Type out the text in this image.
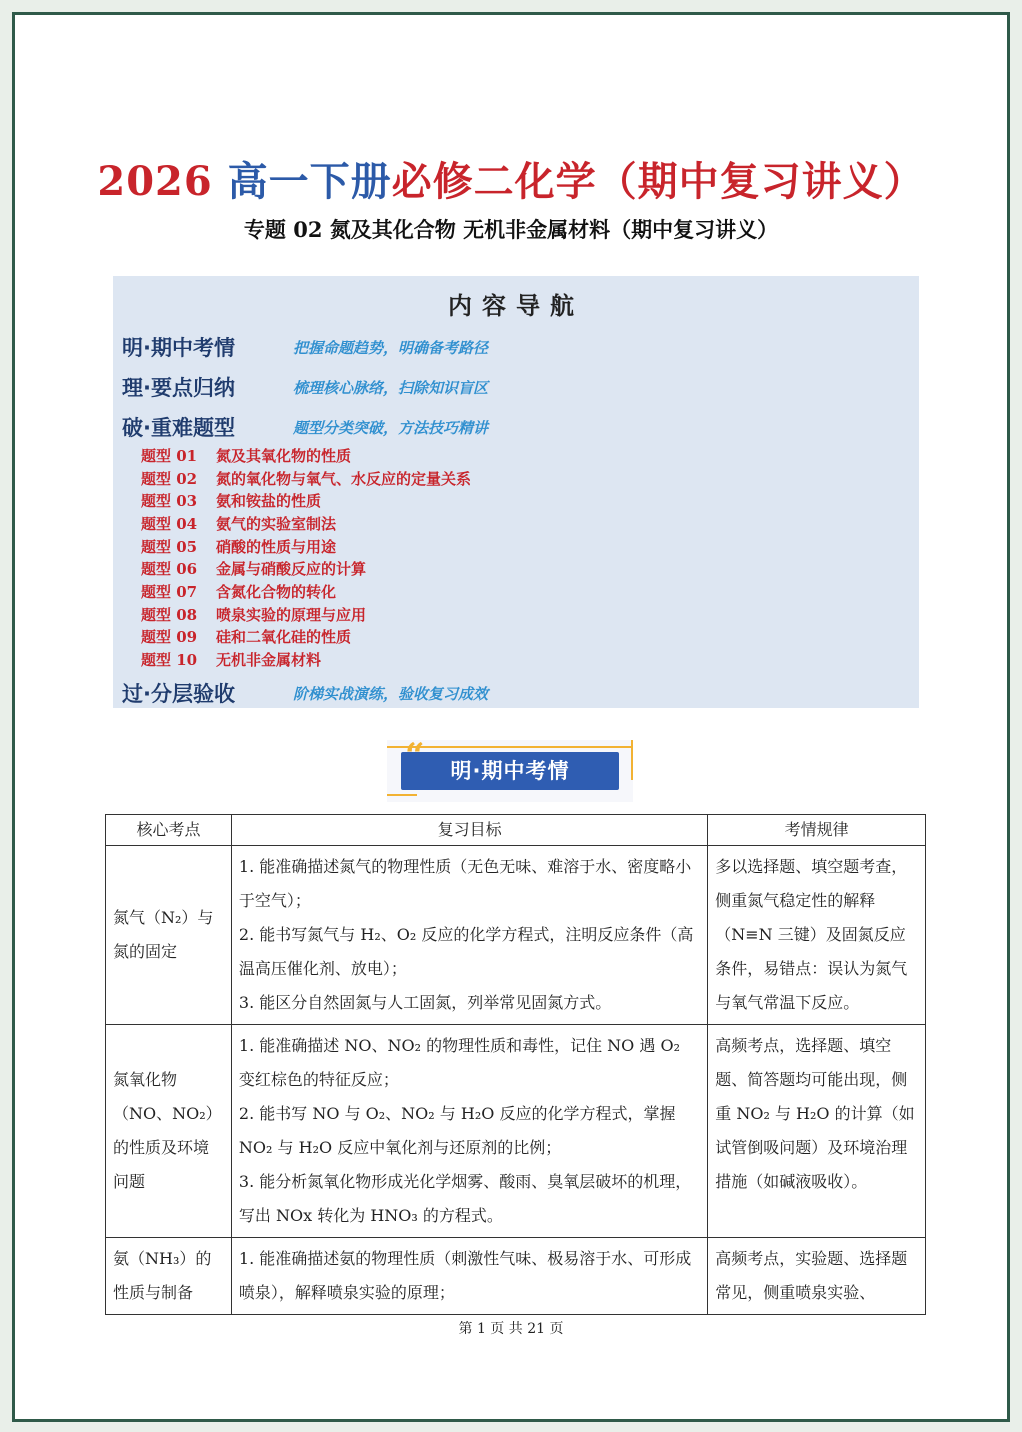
2026 高一下册必修二化学（期中复习讲义）
专题 02 氮及其化合物 无机非金属材料（期中复习讲义）
内容导航
明·期中考情	把握命题趋势，明确备考路径
理·要点归纳	梳理核心脉络，扫除知识盲区
破·重难题型	题型分类突破，方法技巧精讲
题型 01 氮及其氧化物的性质
题型 02 氮的氧化物与氧气、水反应的定量关系
题型 03 氨和铵盐的性质
题型 04 氨气的实验室制法
题型 05 硝酸的性质与用途
题型 06 金属与硝酸反应的计算
题型 07 含氮化合物的转化
题型 08 喷泉实验的原理与应用
题型 09 硅和二氧化硅的性质
题型 10 无机非金属材料
过·分层验收	阶梯实战演练，验收复习成效
明·期中考情
“
核心考点	复习目标	考情规律
氮气（N₂）与氮的固定	1. 能准确描述氮气的物理性质（无色无味、难溶于水、密度略小于空气）；
2. 能书写氮气与 H₂、O₂ 反应的化学方程式，注明反应条件（高温高压催化剂、放电）；
3. 能区分自然固氮与人工固氮，列举常见固氮方式。	多以选择题、填空题考查，侧重氮气稳定性的解释（N≡N 三键）及固氮反应条件，易错点：误认为氮气与氧气常温下反应。
氮氧化物（NO、NO₂）的性质及环境问题	1. 能准确描述 NO、NO₂ 的物理性质和毒性，记住 NO 遇 O₂ 变红棕色的特征反应；
2. 能书写 NO 与 O₂、NO₂ 与 H₂O 反应的化学方程式，掌握 NO₂ 与 H₂O 反应中氧化剂与还原剂的比例；
3. 能分析氮氧化物形成光化学烟雾、酸雨、臭氧层破坏的机理，写出 NOx 转化为 HNO₃ 的方程式。	高频考点，选择题、填空题、简答题均可能出现，侧重 NO₂ 与 H₂O 的计算（如试管倒吸问题）及环境治理措施（如碱液吸收）。
氨（NH₃）的性质与制备	1. 能准确描述氨的物理性质（刺激性气味、极易溶于水、可形成喷泉），解释喷泉实验的原理；	高频考点，实验题、选择题常见，侧重喷泉实验、
第 1 页 共 21 页
